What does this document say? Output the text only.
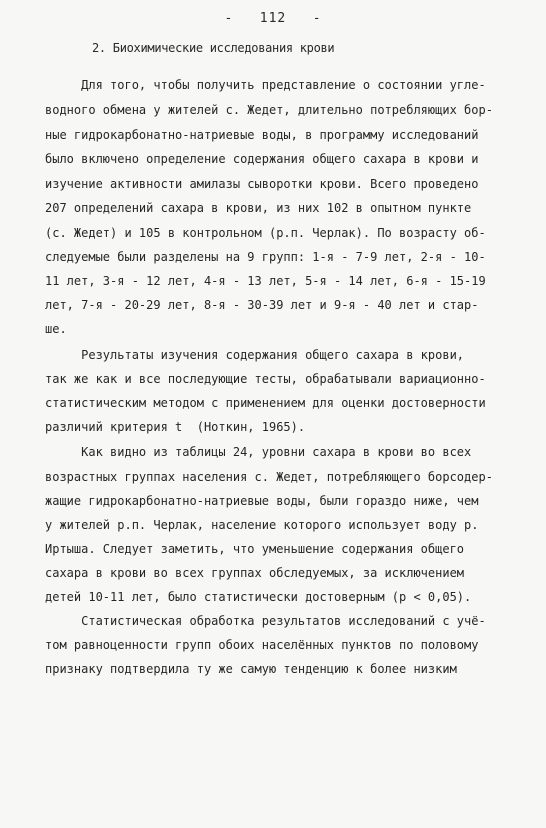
-   112   -
2. Биохимические исследования крови
Для того, чтобы получить представление о состоянии угле-
водного обмена у жителей с. Жедет, длительно потребляющих бор-
ные гидрокарбонатно-натриевые воды, в программу исследований
было включено определение содержания общего сахара в крови и
изучение активности амилазы сыворотки крови. Всего проведено
207 определений сахара в крови, из них 102 в опытном пункте
(с. Жедет) и 105 в контрольном (р.п. Черлак). По возрасту об-
следуемые были разделены на 9 групп: 1-я - 7-9 лет, 2-я - 10-
11 лет, 3-я - 12 лет, 4-я - 13 лет, 5-я - 14 лет, 6-я - 15-19
лет, 7-я - 20-29 лет, 8-я - 30-39 лет и 9-я - 40 лет и стар-
ше.
Результаты изучения содержания общего сахара в крови,
так же как и все последующие тесты, обрабатывали вариационно-
статистическим методом с применением для оценки достоверности
различий критерия t  (Ноткин, 1965).
Как видно из таблицы 24, уровни сахара в крови во всех
возрастных группах населения с. Жедет, потребляющего борсодер-
жащие гидрокарбонатно-натриевые воды, были гораздо ниже, чем
у жителей р.п. Черлак, население которого использует воду р.
Иртыша. Следует заметить, что уменьшение содержания общего
сахара в крови во всех группах обследуемых, за исключением
детей 10-11 лет, было статистически достоверным (р < 0,05).
Статистическая обработка результатов исследований с учё-
том равноценности групп обоих населённых пунктов по половому
признаку подтвердила ту же самую тенденцию к более низким
